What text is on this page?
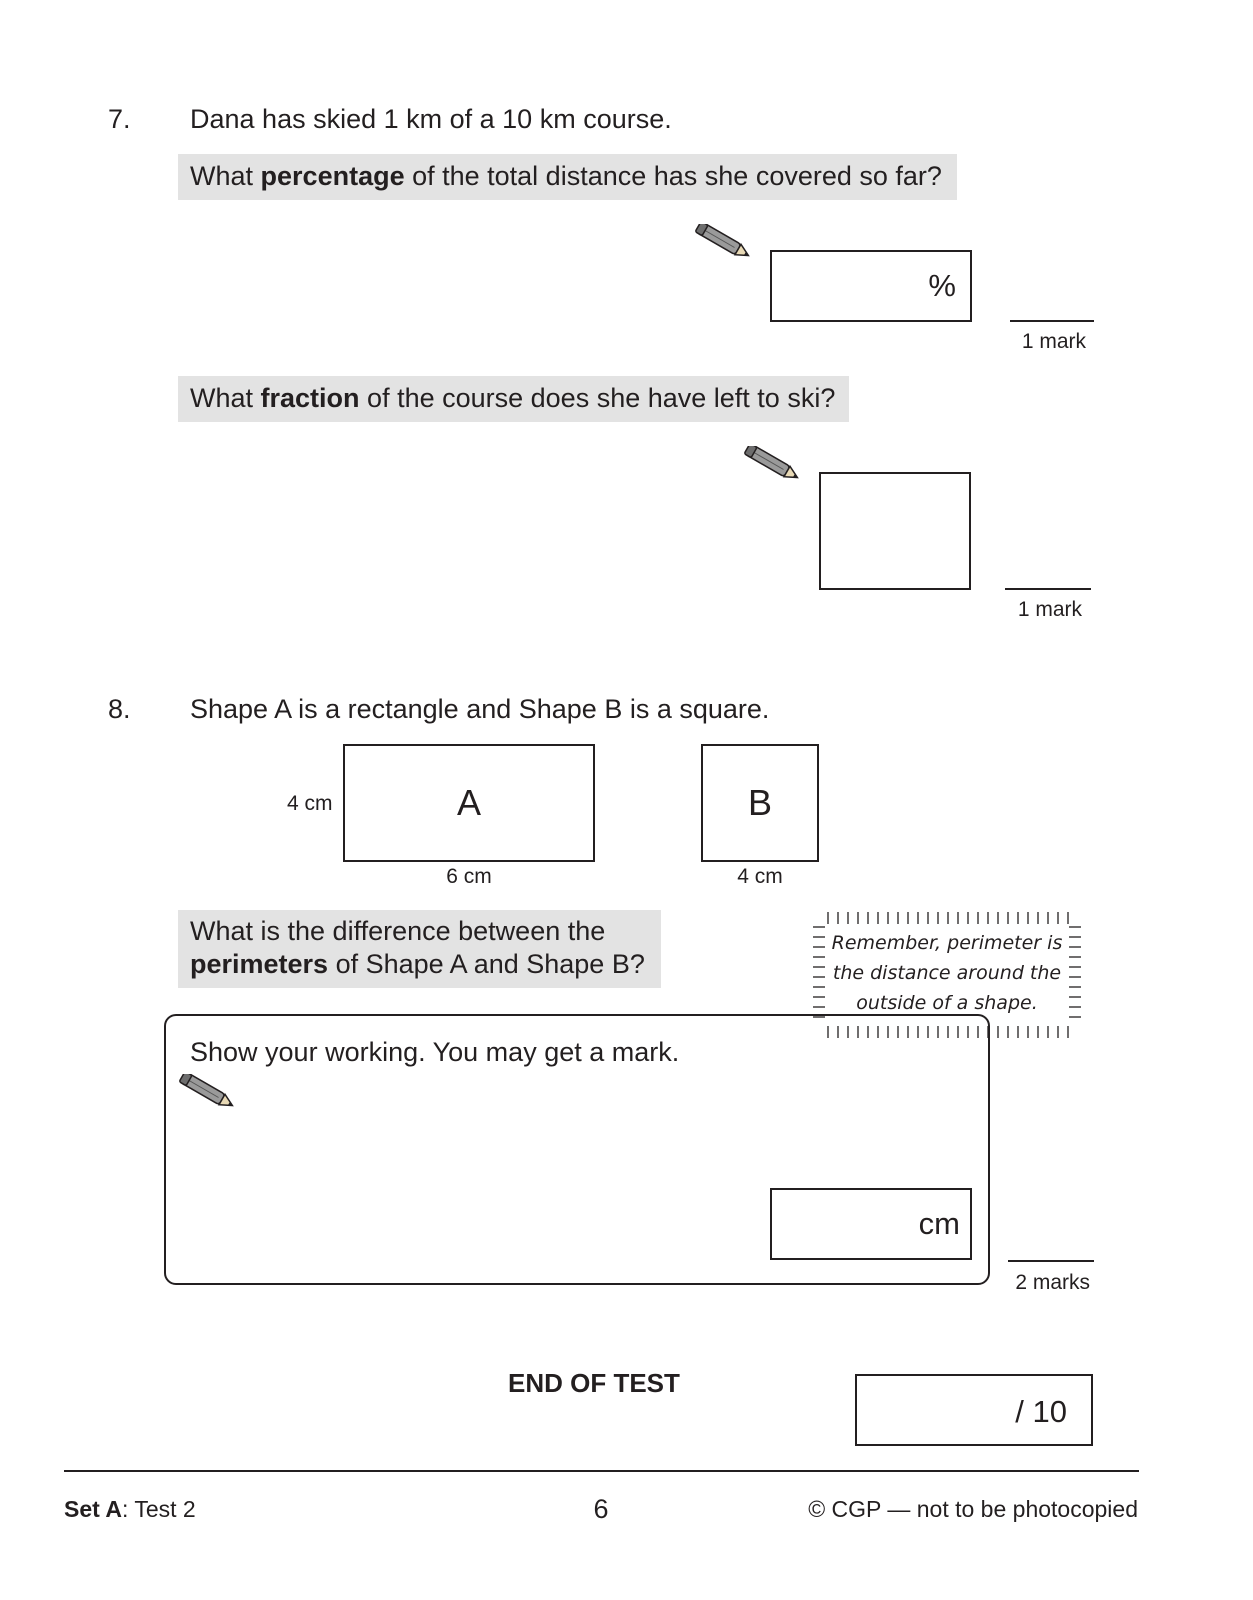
7. Dana has skied 1 km of a 10 km course.
What percentage of the total distance has she covered so far?
%
1 mark
What fraction of the course does she have left to ski?
1 mark
8. Shape A is a rectangle and Shape B is a square.
4 cm	A
6 cm
B
4 cm
What is the difference between the
perimeters of Shape A and Shape B?
Remember, perimeter is
the distance around the
outside of a shape.
Show your working. You may get a mark.
cm
2 marks
END OF TEST
/ 10
Set A: Test 2	6	© CGP — not to be photocopied
